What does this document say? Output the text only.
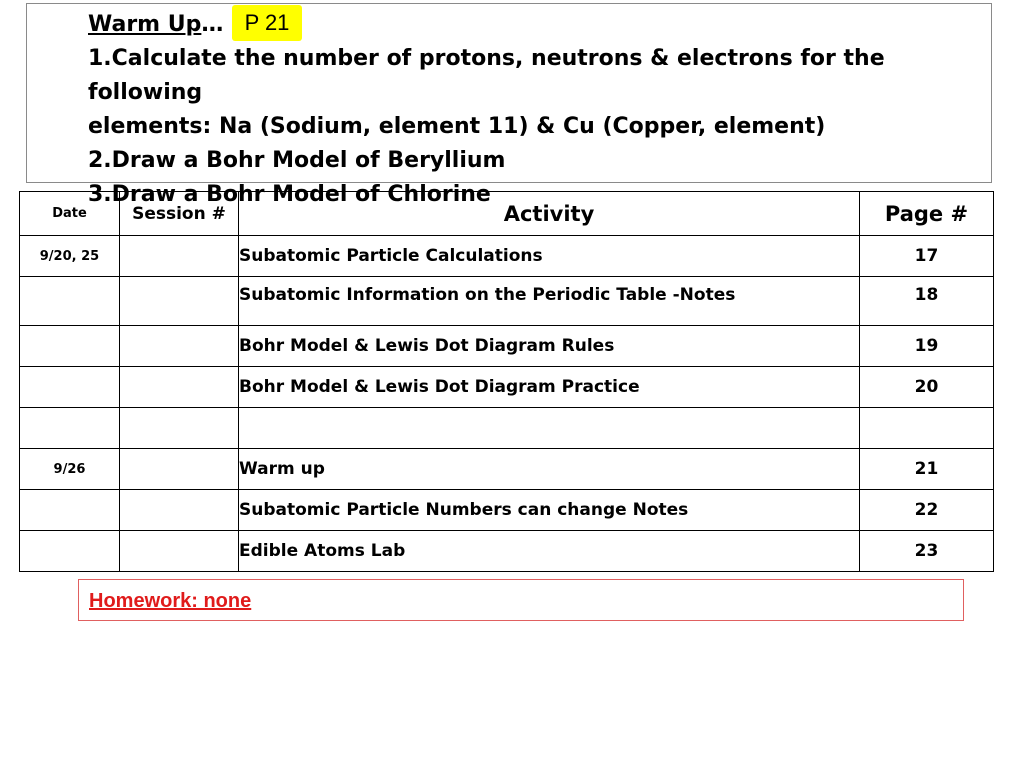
Warm Up…
1.Calculate the number of protons, neutrons & electrons for the following
elements: Na (Sodium, element 11) & Cu (Copper, element)
2.Draw a Bohr Model of Beryllium
3.Draw a Bohr Model of Chlorine
P 21
Date	Session #	Activity	Page #
9/20, 25		Subatomic Particle Calculations	17
		Subatomic Information on the Periodic Table -Notes	18
		Bohr Model & Lewis Dot Diagram Rules	19
		Bohr Model & Lewis Dot Diagram Practice	20

9/26		Warm up	21
		Subatomic Particle Numbers can change Notes	22
		Edible Atoms Lab	23
Homework: none
